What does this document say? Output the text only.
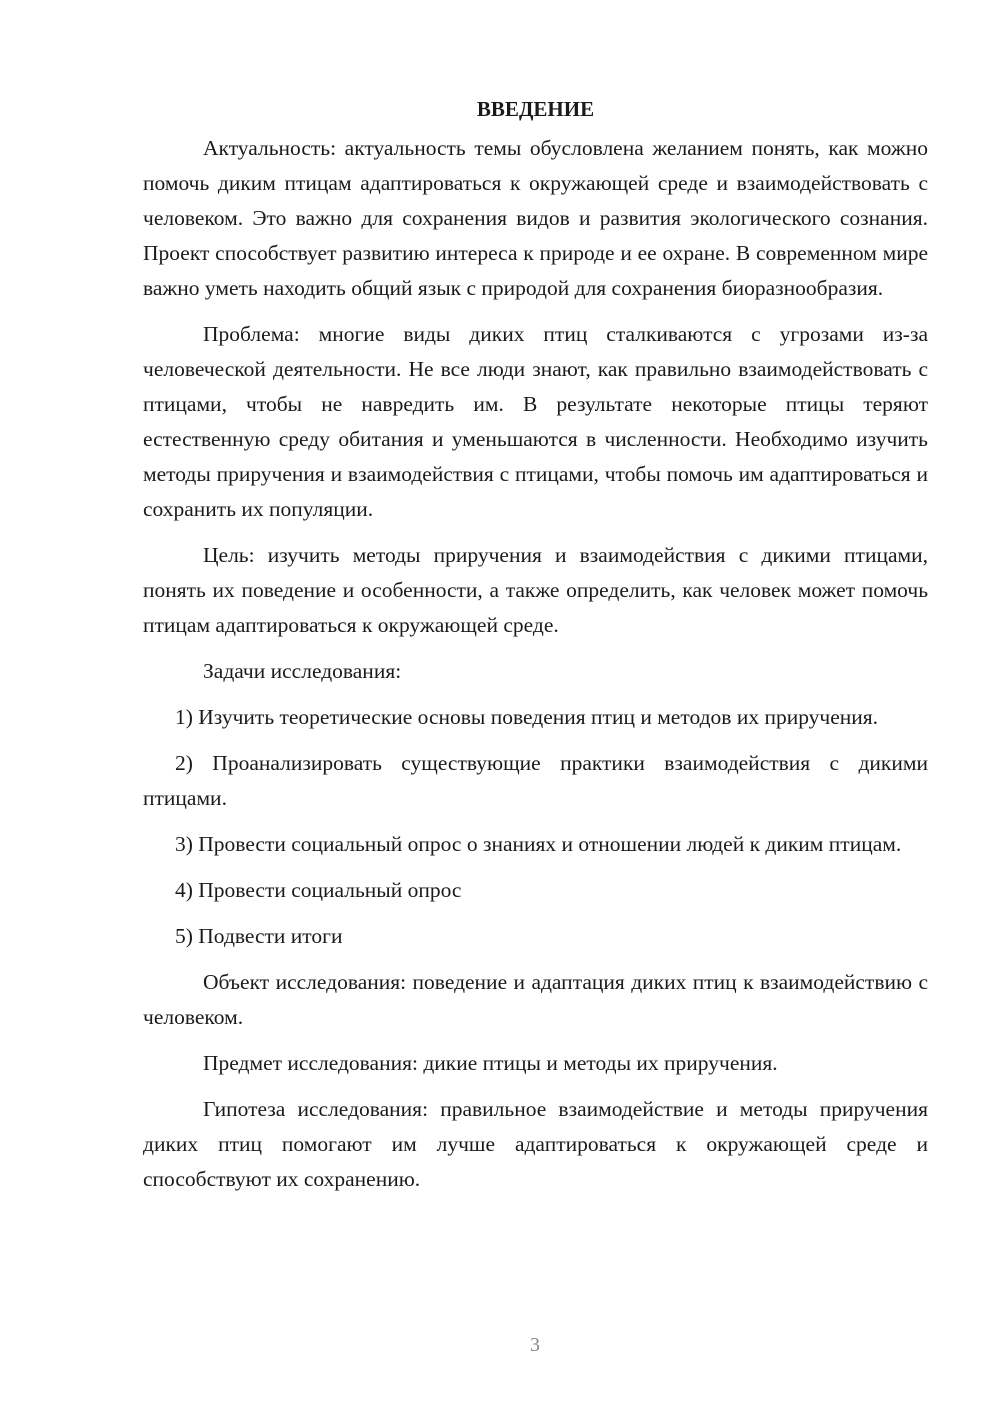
ВВЕДЕНИЕ

Актуальность: актуальность темы обусловлена желанием понять, как можно помочь диким птицам адаптироваться к окружающей среде и взаимодействовать с человеком. Это важно для сохранения видов и развития экологического сознания. Проект способствует развитию интереса к природе и ее охране. В современном мире важно уметь находить общий язык с природой для сохранения биоразнообразия.

Проблема: многие виды диких птиц сталкиваются с угрозами из-за человеческой деятельности. Не все люди знают, как правильно взаимодействовать с птицами, чтобы не навредить им. В результате некоторые птицы теряют естественную среду обитания и уменьшаются в численности. Необходимо изучить методы приручения и взаимодействия с птицами, чтобы помочь им адаптироваться и сохранить их популяции.

Цель: изучить методы приручения и взаимодействия с дикими птицами, понять их поведение и особенности, а также определить, как человек может помочь птицам адаптироваться к окружающей среде.

Задачи исследования:

1) Изучить теоретические основы поведения птиц и методов их приручения.

2) Проанализировать существующие практики взаимодействия с дикими птицами.

3) Провести социальный опрос о знаниях и отношении людей к диким птицам.

4) Провести социальный опрос

5) Подвести итоги

Объект исследования: поведение и адаптация диких птиц к взаимодействию с человеком.

Предмет исследования: дикие птицы и методы их приручения.

Гипотеза исследования: правильное взаимодействие и методы приручения диких птиц помогают им лучше адаптироваться к окружающей среде и способствуют их сохранению.

3
